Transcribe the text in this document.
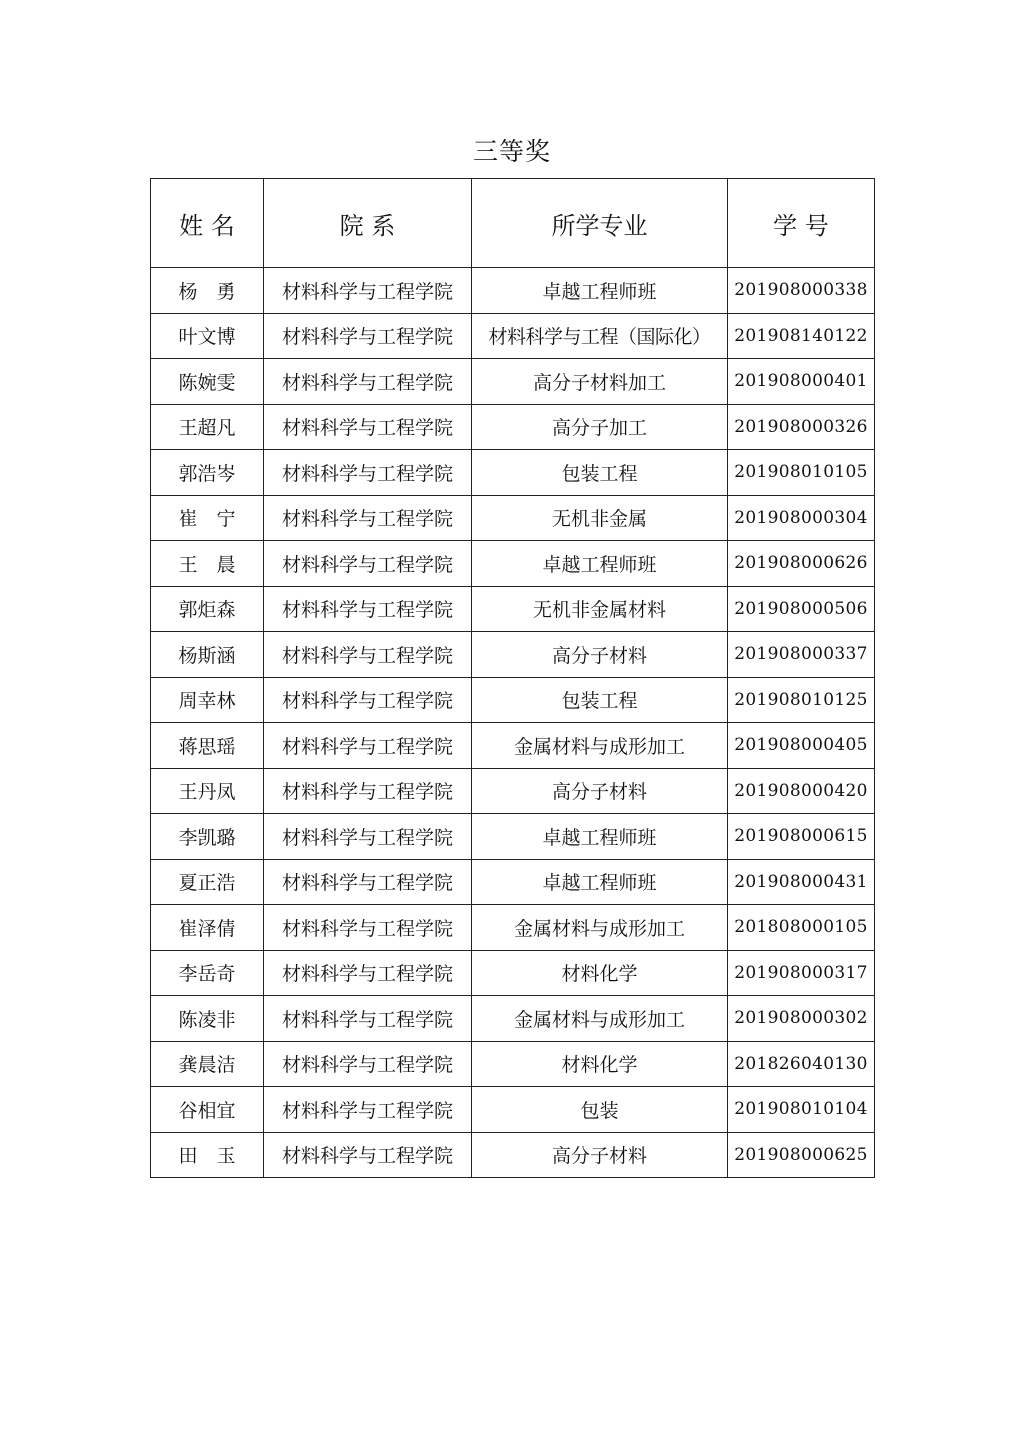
三等奖
姓 名	院 系	所学专业	学 号
杨　勇	材料科学与工程学院	卓越工程师班	201908000338
叶文博	材料科学与工程学院	材料科学与工程（国际化）	201908140122
陈婉雯	材料科学与工程学院	高分子材料加工	201908000401
王超凡	材料科学与工程学院	高分子加工	201908000326
郭浩岑	材料科学与工程学院	包装工程	201908010105
崔　宁	材料科学与工程学院	无机非金属	201908000304
王　晨	材料科学与工程学院	卓越工程师班	201908000626
郭炬森	材料科学与工程学院	无机非金属材料	201908000506
杨斯涵	材料科学与工程学院	高分子材料	201908000337
周幸林	材料科学与工程学院	包装工程	201908010125
蒋思瑶	材料科学与工程学院	金属材料与成形加工	201908000405
王丹凤	材料科学与工程学院	高分子材料	201908000420
李凯璐	材料科学与工程学院	卓越工程师班	201908000615
夏正浩	材料科学与工程学院	卓越工程师班	201908000431
崔泽倩	材料科学与工程学院	金属材料与成形加工	201808000105
李岳奇	材料科学与工程学院	材料化学	201908000317
陈凌非	材料科学与工程学院	金属材料与成形加工	201908000302
龚晨洁	材料科学与工程学院	材料化学	201826040130
谷相宜	材料科学与工程学院	包装	201908010104
田　玉	材料科学与工程学院	高分子材料	201908000625
